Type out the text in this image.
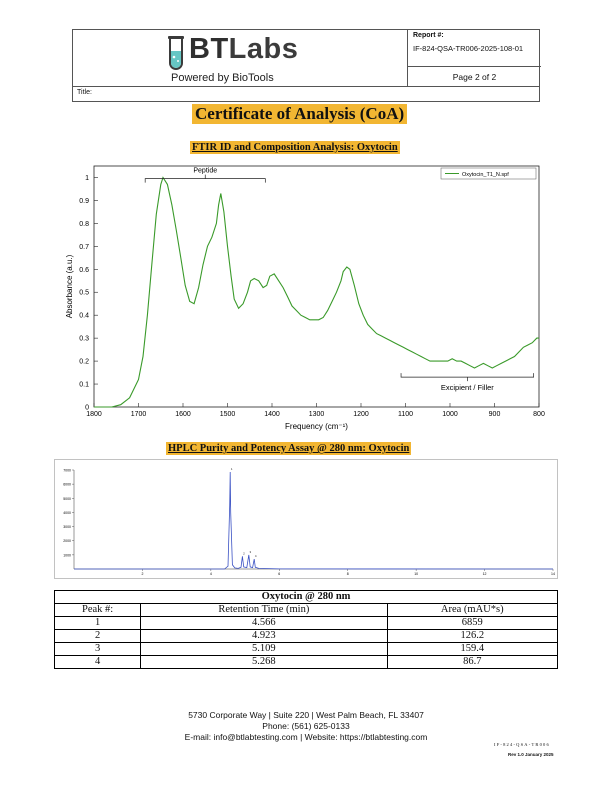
BTLabs
Powered by BioTools
Report #:
IF-824-QSA-TR006-2025-108-01
Page 2 of 2
Title:
Certificate of Analysis (CoA)
FTIR ID and Composition Analysis: Oxytocin
1800	1700	1600	1500	1400	1300	1200	1100	1000	900	800
0
0.1
0.2
0.3
0.4
0.5
0.6
0.7
0.8
0.9
1
Frequency (cm⁻¹)
Absorbance (a.u.)
Oxytocin_T1_N.spf
Peptide
Excipient / Filler
HPLC Purity and Potency Assay @ 280 nm: Oxytocin
1000
2000
3000
4000
5000
6000
7000
2	4	6	8	10	12	14
1
2 3
4
Oxytocin @ 280 nm		
Peak #:	Retention Time (min)	Area (mAU*s)
1	4.566	6859
2	4.923	126.2
3	5.109	159.4
4	5.268	86.7
5730 Corporate Way | Suite 220 | West Palm Beach, FL 33407
Phone: (561) 625-0133
E-mail: info@btlabtesting.com | Website: https://btlabtesting.com
IF-824-QSA-TR006
Rev 1.0 January 2025
